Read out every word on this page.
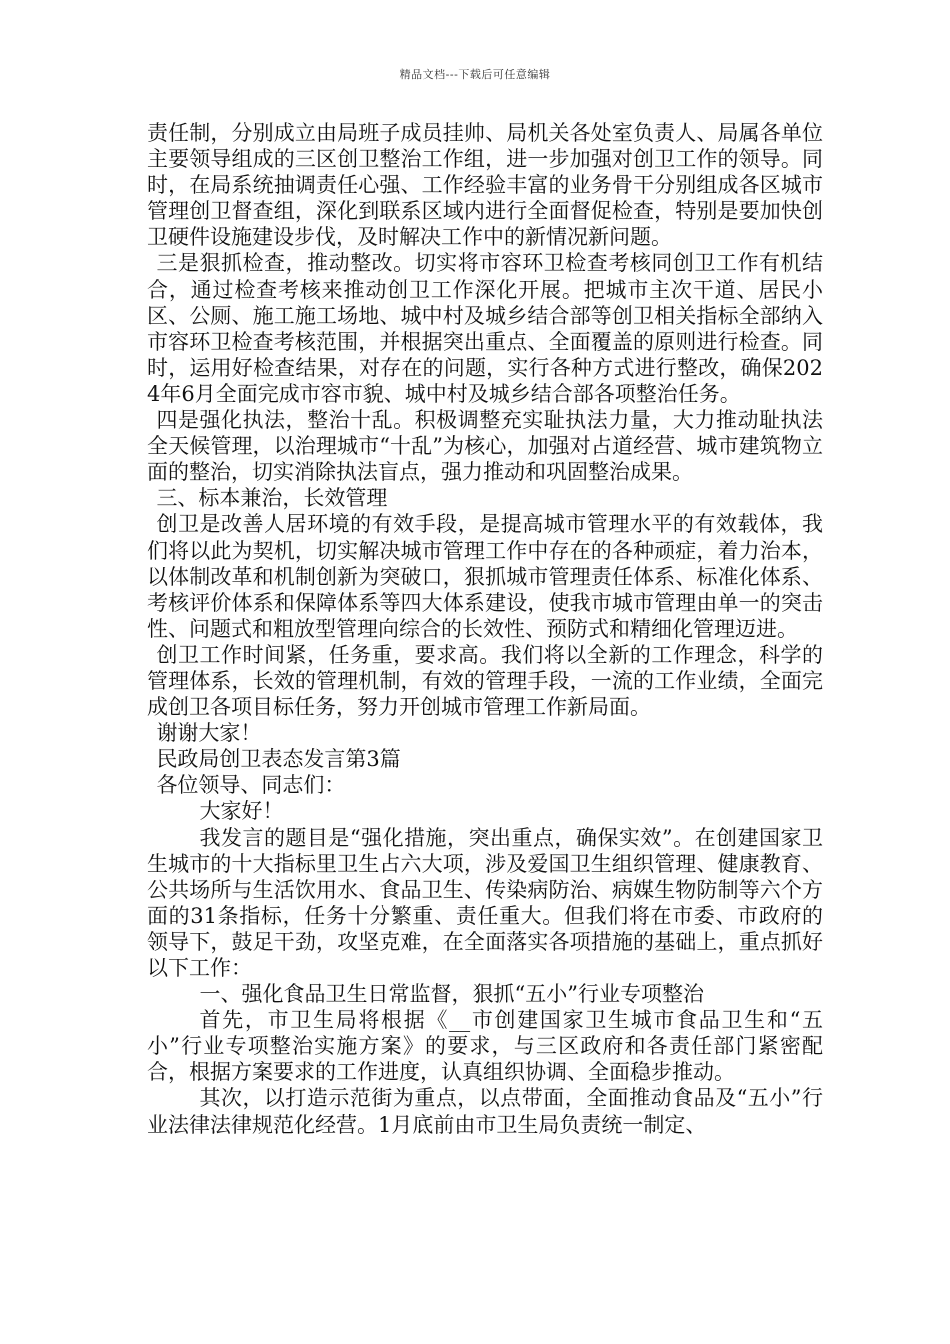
精品文档---下载后可任意编辑

责任制，分别成立由局班子成员挂帅、局机关各处室负责人、局属各单位主要领导组成的三区创卫整治工作组，进一步加强对创卫工作的领导。同时，在局系统抽调责任心强、工作经验丰富的业务骨干分别组成各区城市管理创卫督查组，深化到联系区域内进行全面督促检查，特别是要加快创卫硬件设施建设步伐，及时解决工作中的新情况新问题。

三是狠抓检查，推动整改。切实将市容环卫检查考核同创卫工作有机结合，通过检查考核来推动创卫工作深化开展。把城市主次干道、居民小区、公厕、施工施工场地、城中村及城乡结合部等创卫相关指标全部纳入市容环卫检查考核范围，并根据突出重点、全面覆盖的原则进行检查。同时，运用好检查结果，对存在的问题，实行各种方式进行整改，确保2024年6月全面完成市容市貌、城中村及城乡结合部各项整治任务。

四是强化执法，整治十乱。积极调整充实耻执法力量，大力推动耻执法全天候管理，以治理城市“十乱”为核心，加强对占道经营、城市建筑物立面的整治，切实消除执法盲点，强力推动和巩固整治成果。

三、标本兼治，长效管理

创卫是改善人居环境的有效手段，是提高城市管理水平的有效载体，我们将以此为契机，切实解决城市管理工作中存在的各种顽症，着力治本，以体制改革和机制创新为突破口，狠抓城市管理责任体系、标准化体系、考核评价体系和保障体系等四大体系建设，使我市城市管理由单一的突击性、问题式和粗放型管理向综合的长效性、预防式和精细化管理迈进。

创卫工作时间紧，任务重，要求高。我们将以全新的工作理念，科学的管理体系，长效的管理机制，有效的管理手段，一流的工作业绩，全面完成创卫各项目标任务，努力开创城市管理工作新局面。

谢谢大家！

民政局创卫表态发言第3篇

各位领导、同志们：

大家好！

我发言的题目是“强化措施，突出重点，确保实效”。在创建国家卫生城市的十大指标里卫生占六大项，涉及爱国卫生组织管理、健康教育、公共场所与生活饮用水、食品卫生、传染病防治、病媒生物防制等六个方面的31条指标，任务十分繁重、责任重大。但我们将在市委、市政府的领导下，鼓足干劲，攻坚克难，在全面落实各项措施的基础上，重点抓好以下工作：

一、强化食品卫生日常监督，狠抓“五小”行业专项整治

首先，市卫生局将根据《__市创建国家卫生城市食品卫生和“五小”行业专项整治实施方案》的要求，与三区政府和各责任部门紧密配合，根据方案要求的工作进度，认真组织协调、全面稳步推动。

其次，以打造示范街为重点，以点带面，全面推动食品及“五小”行业法律法律规范化经营。1月底前由市卫生局负责统一制定、
